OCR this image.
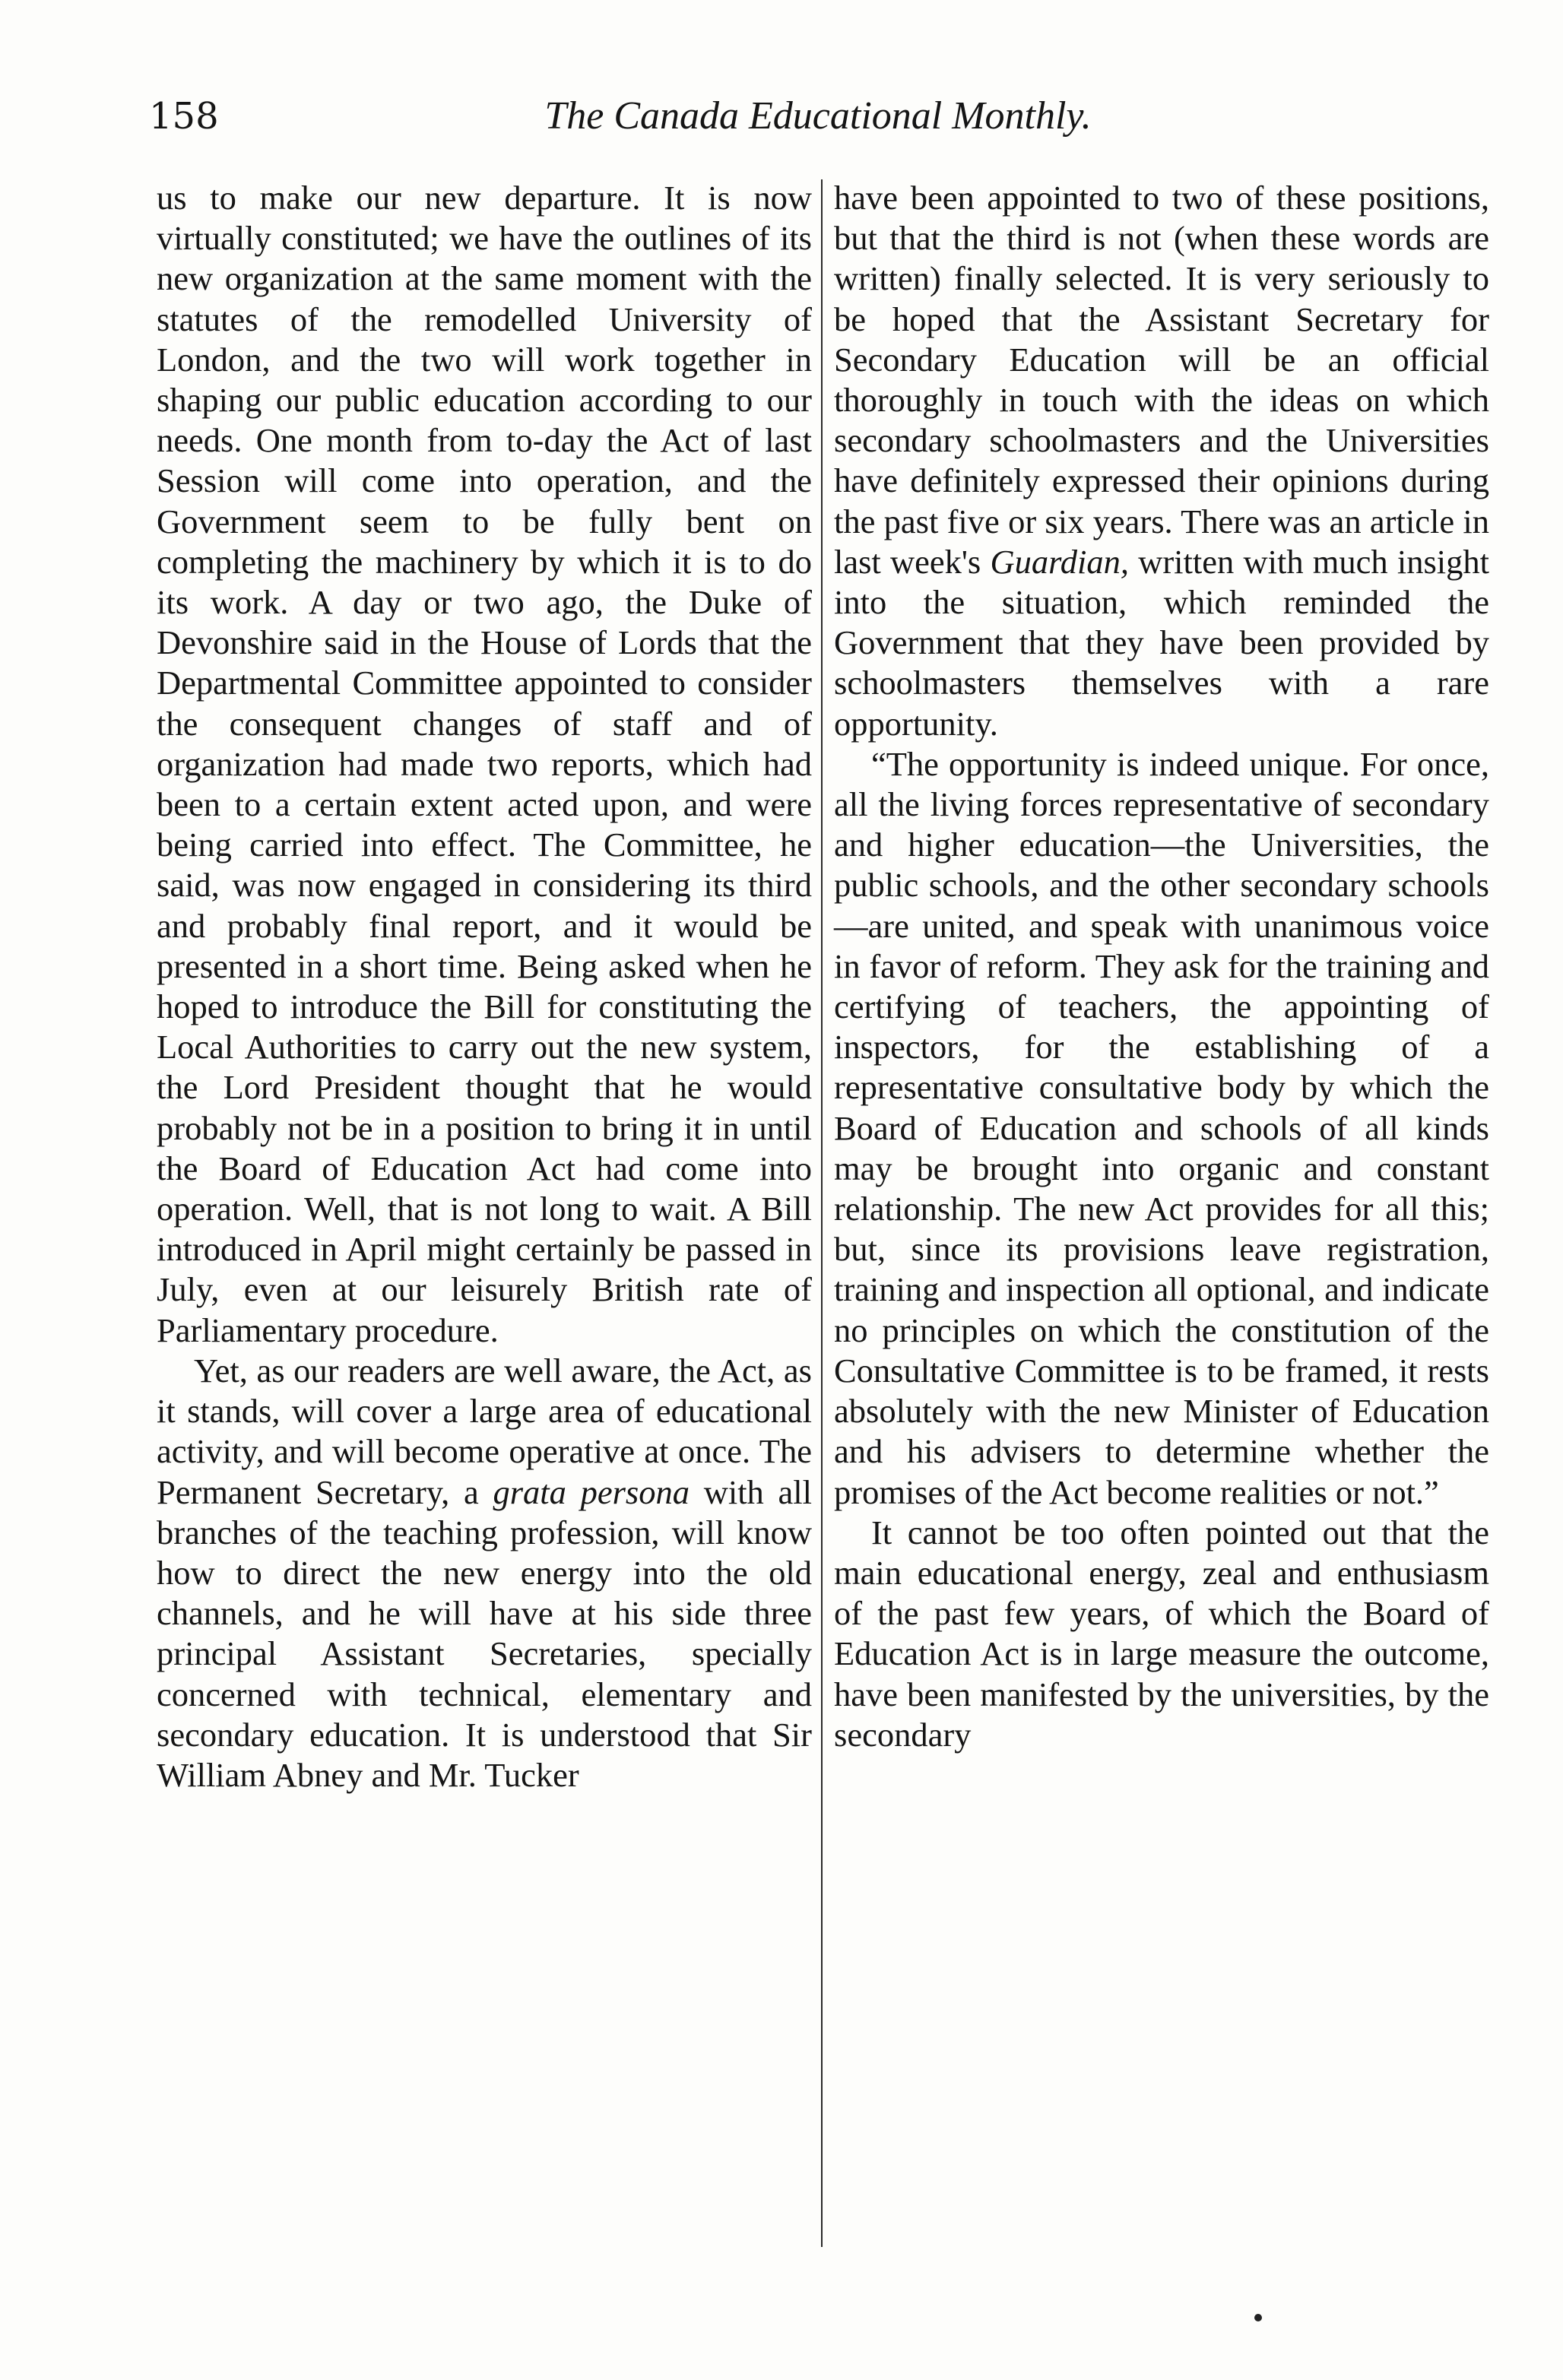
158	The Canada Educational Monthly.

us to make our new departure. It is now virtually constituted; we have the outlines of its new organization at the same moment with the statutes of the remodelled University of London, and the two will work together in shaping our public education according to our needs. One month from to-day the Act of last Session will come into operation, and the Government seem to be fully bent on completing the machinery by which it is to do its work. A day or two ago, the Duke of Devonshire said in the House of Lords that the Departmental Committee appointed to consider the consequent changes of staff and of organization had made two reports, which had been to a certain extent acted upon, and were being carried into effect. The Committee, he said, was now engaged in considering its third and probably final report, and it would be presented in a short time. Being asked when he hoped to introduce the Bill for constituting the Local Authorities to carry out the new system, the Lord President thought that he would probably not be in a position to bring it in until the Board of Education Act had come into operation. Well, that is not long to wait. A Bill introduced in April might certainly be passed in July, even at our leisurely British rate of Parliamentary procedure.

Yet, as our readers are well aware, the Act, as it stands, will cover a large area of educational activity, and will become operative at once. The Permanent Secretary, a grata persona with all branches of the teaching profession, will know how to direct the new energy into the old channels, and he will have at his side three principal Assistant Secretaries, specially concerned with technical, elementary and secondary education. It is understood that Sir William Abney and Mr. Tucker

have been appointed to two of these positions, but that the third is not (when these words are written) finally selected. It is very seriously to be hoped that the Assistant Secretary for Secondary Education will be an official thoroughly in touch with the ideas on which secondary schoolmasters and the Universities have definitely expressed their opinions during the past five or six years. There was an article in last week's Guardian, written with much insight into the situation, which reminded the Government that they have been provided by schoolmasters themselves with a rare opportunity.

“The opportunity is indeed unique. For once, all the living forces representative of secondary and higher education—the Universities, the public schools, and the other secondary schools—are united, and speak with unanimous voice in favor of reform. They ask for the training and certifying of teachers, the appointing of inspectors, for the establishing of a representative consultative body by which the Board of Education and schools of all kinds may be brought into organic and constant relationship. The new Act provides for all this; but, since its provisions leave registration, training and inspection all optional, and indicate no principles on which the constitution of the Consultative Committee is to be framed, it rests absolutely with the new Minister of Education and his advisers to determine whether the promises of the Act become realities or not.”

It cannot be too often pointed out that the main educational energy, zeal and enthusiasm of the past few years, of which the Board of Education Act is in large measure the outcome, have been manifested by the universities, by the secondary
